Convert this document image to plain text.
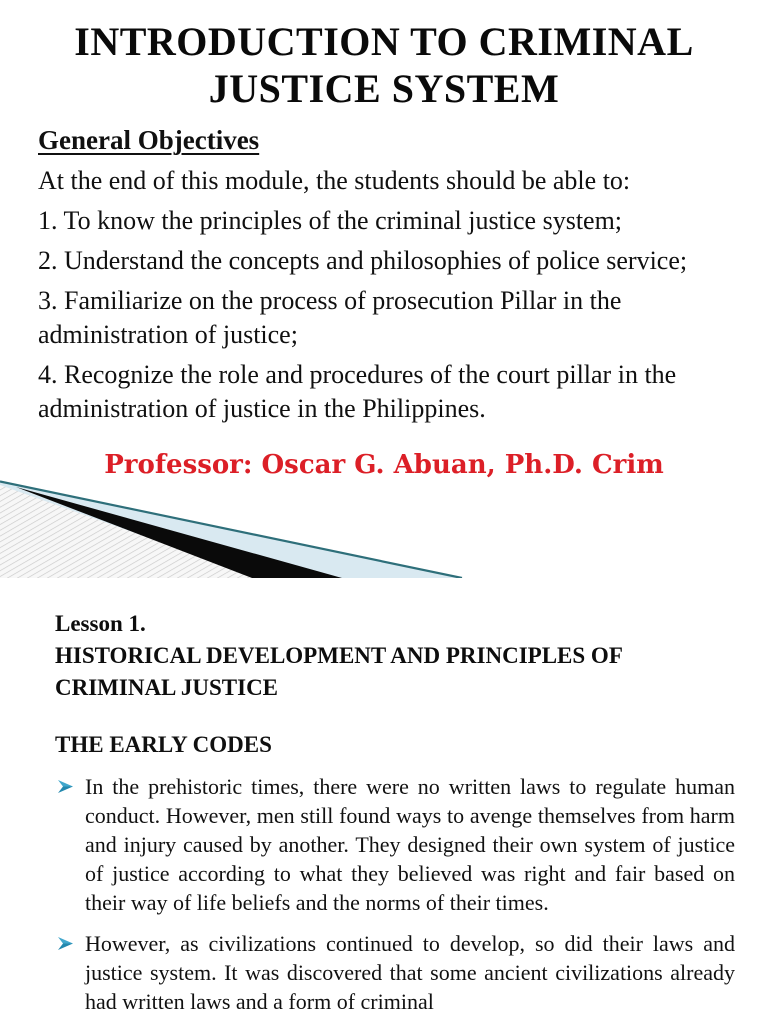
INTRODUCTION TO CRIMINAL
JUSTICE SYSTEM
General Objectives
At the end of this module, the students should be able to:
1. To know the principles of the criminal justice system;
2. Understand the concepts and philosophies of police service;
3. Familiarize on the process of prosecution Pillar in the administration of justice;
4. Recognize the role and procedures of the court pillar in the administration of justice in the Philippines.
Professor: Oscar G. Abuan, Ph.D. Crim
Lesson 1.
HISTORICAL DEVELOPMENT AND PRINCIPLES OF
CRIMINAL JUSTICE
THE EARLY CODES

In the prehistoric times, there were no written laws to regulate human conduct. However, men still found ways to avenge themselves from harm and injury caused by another. They designed their own system of justice of justice according to what they believed was right and fair based on their way of life beliefs and the norms of their times.

However, as civilizations continued to develop, so did their laws and justice system. It was discovered that some ancient civilizations already had written laws and a form of criminal
